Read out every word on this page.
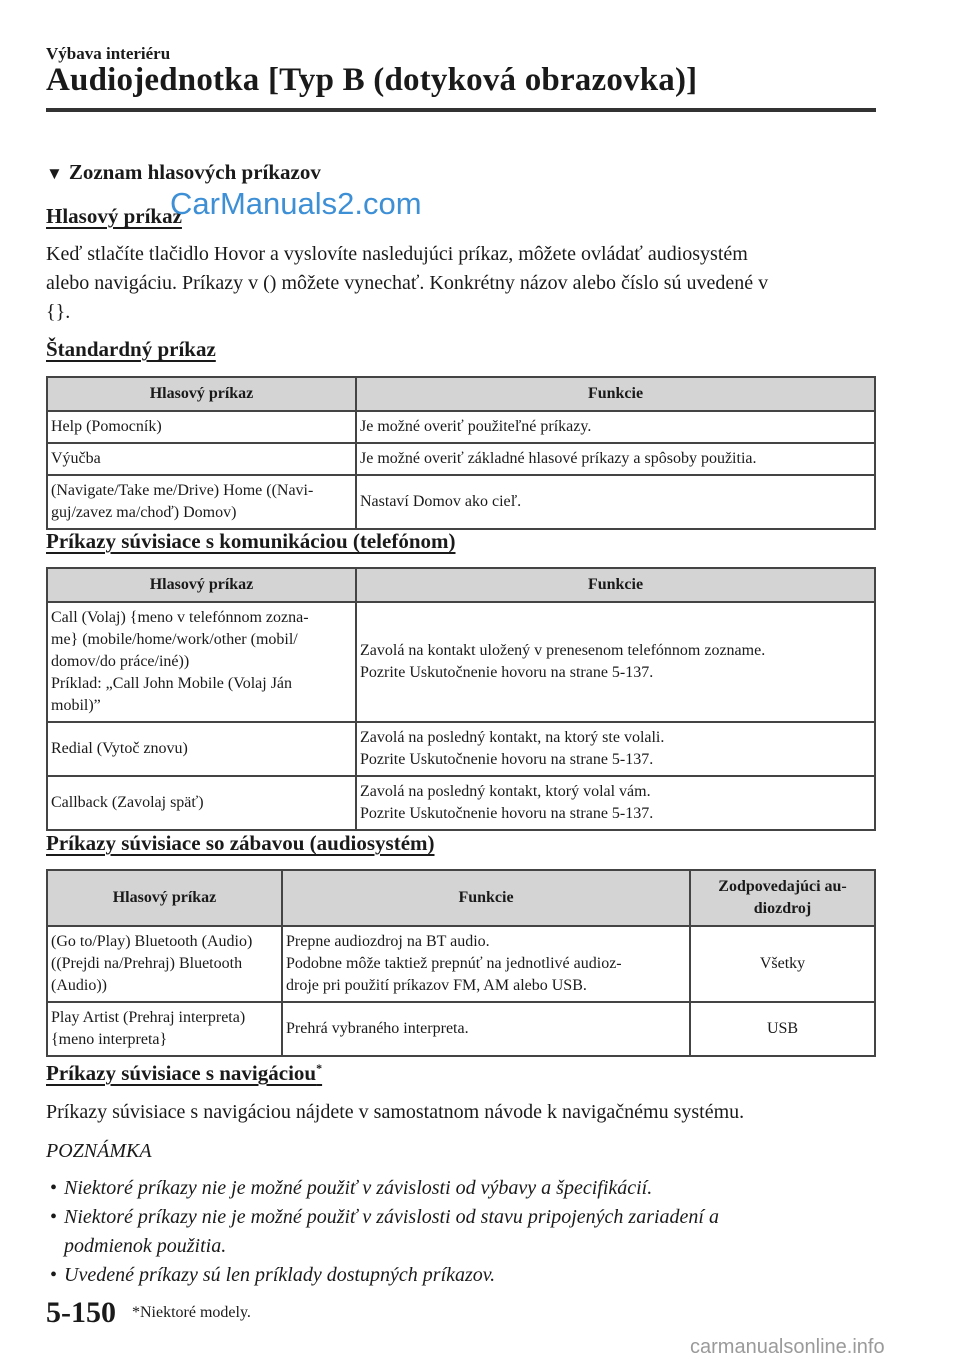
Výbava interiéru
Audiojednotka [Typ B (dotyková obrazovka)]
▼ Zoznam hlasových príkazov
Hlasový príkaz
CarManuals2.com
Keď stlačíte tlačidlo Hovor a vyslovíte nasledujúci príkaz, môžete ovládať audiosystém
alebo navigáciu. Príkazy v () môžete vynechať. Konkrétny názov alebo číslo sú uvedené v
{}.
Štandardný príkaz
Hlasový príkaz	Funkcie
Help (Pomocník)	Je možné overiť použiteľné príkazy.
Výučba	Je možné overiť základné hlasové príkazy a spôsoby použitia.
(Navigate/Take me/Drive) Home ((Navi-
guj/zavez ma/choď) Domov)	Nastaví Domov ako cieľ.
Príkazy súvisiace s komunikáciou (telefónom)
Hlasový príkaz	Funkcie
Call (Volaj) {meno v telefónnom zozna-
me} (mobile/home/work/other (mobil/
domov/do práce/iné))
Príklad: „Call John Mobile (Volaj Ján
mobil)”	Zavolá na kontakt uložený v prenesenom telefónnom zozname.
Pozrite Uskutočnenie hovoru na strane 5-137.
Redial (Vytoč znovu)	Zavolá na posledný kontakt, na ktorý ste volali.
Pozrite Uskutočnenie hovoru na strane 5-137.
Callback (Zavolaj späť)	Zavolá na posledný kontakt, ktorý volal vám.
Pozrite Uskutočnenie hovoru na strane 5-137.
Príkazy súvisiace so zábavou (audiosystém)
Hlasový príkaz	Funkcie	Zodpovedajúci au-
diozdroj
(Go to/Play) Bluetooth (Audio)
((Prejdi na/Prehraj) Bluetooth
(Audio))	Prepne audiozdroj na BT audio.
Podobne môže taktiež prepnúť na jednotlivé audioz-
droje pri použití príkazov FM, AM alebo USB.	Všetky
Play Artist (Prehraj interpreta)
{meno interpreta}	Prehrá vybraného interpreta.	USB
Príkazy súvisiace s navigáciou*
Príkazy súvisiace s navigáciou nájdete v samostatnom návode k navigačnému systému.
POZNÁMKA
• Niektoré príkazy nie je možné použiť v závislosti od výbavy a špecifikácií.
• Niektoré príkazy nie je možné použiť v závislosti od stavu pripojených zariadení a
podmienok použitia.
• Uvedené príkazy sú len príklady dostupných príkazov.
5-150 *Niektoré modely.
carmanualsonline.info
